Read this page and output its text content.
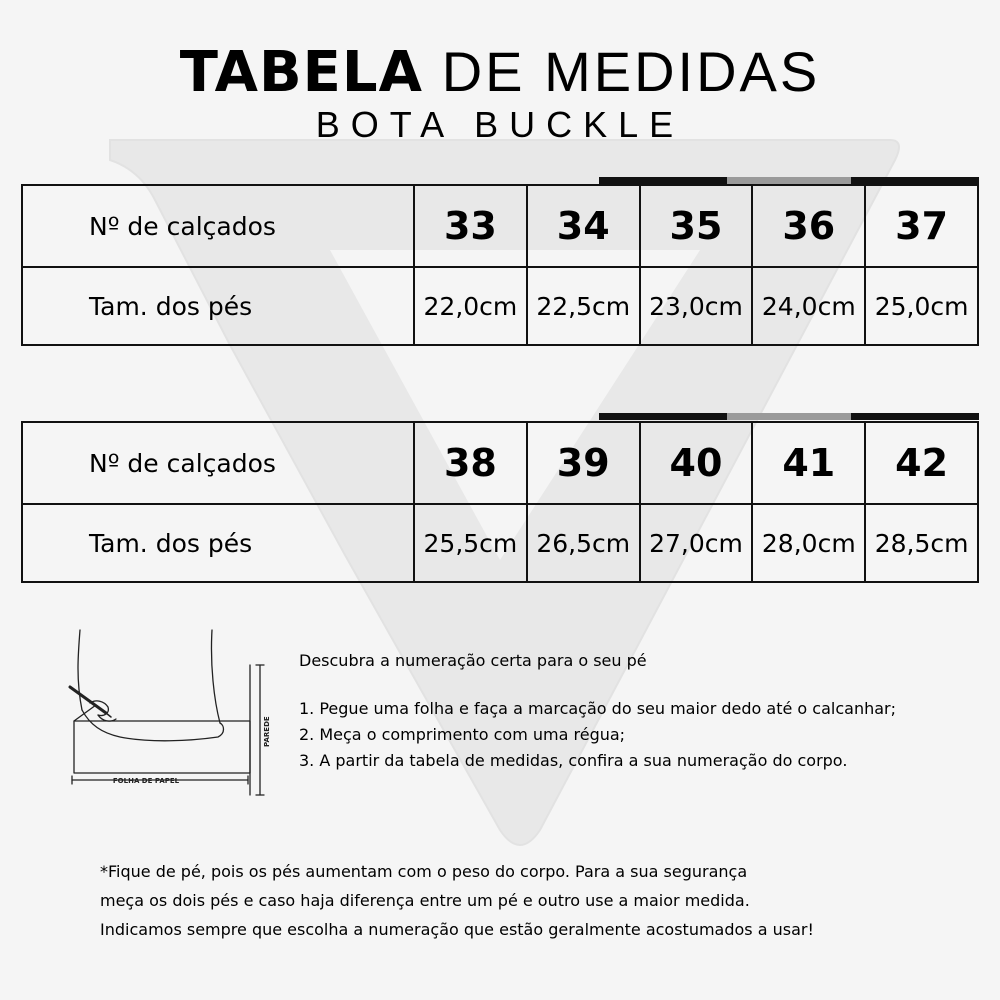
TABELA DE MEDIDAS
BOTA BUCKLE
Nº de calçados	33	34	35	36	37
Tam. dos pés	22,0cm	22,5cm	23,0cm	24,0cm	25,0cm
Nº de calçados	38	39	40	41	42
Tam. dos pés	25,5cm	26,5cm	27,0cm	28,0cm	28,5cm
FOLHA DE PAPEL
PAREDE

Descubra a numeração certa para o seu pé

1. Pegue uma folha e faça a marcação do seu maior dedo até o calcanhar;

2. Meça o comprimento com uma régua;

3. A partir da tabela de medidas, confira a sua numeração do corpo.

*Fique de pé, pois os pés aumentam com o peso do corpo. Para a sua segurança

meça os dois pés e caso haja diferença entre um pé e outro use a maior medida.

Indicamos sempre que escolha a numeração que estão geralmente acostumados a usar!
